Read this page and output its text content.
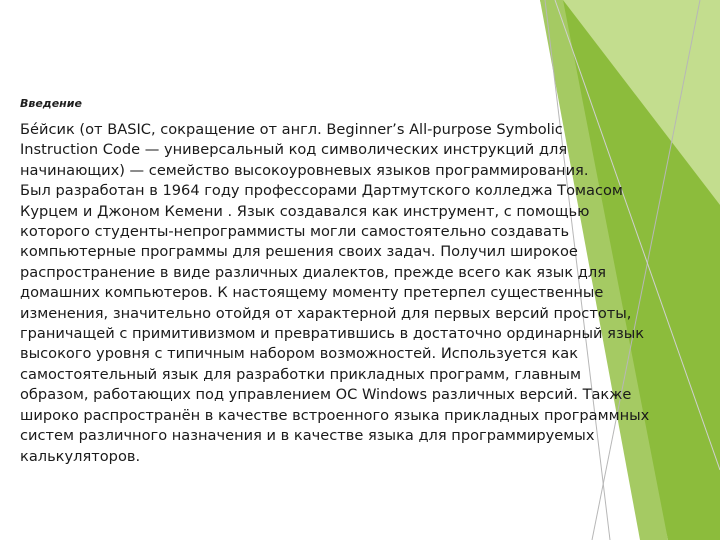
Введение
Бе́йсик (от BASIC, сокращение от англ. Beginner’s All-purpose Symbolic
Instruction Code — универсальный код символических инструкций для
начинающих) — семейство высокоуровневых языков программирования.
Был разработан в 1964 году профессорами Дартмутского колледжа Томасом
Курцем и Джоном Кемени . Язык создавался как инструмент, с помощью
которого студенты-непрограммисты могли самостоятельно создавать
компьютерные программы для решения своих задач. Получил широкое
распространение в виде различных диалектов, прежде всего как язык для
домашних компьютеров. К настоящему моменту претерпел существенные
изменения, значительно отойдя от характерной для первых версий простоты,
граничащей с примитивизмом и превратившись в достаточно ординарный язык
высокого уровня с типичным набором возможностей. Используется как
самостоятельный язык для разработки прикладных программ, главным
образом, работающих под управлением ОС Windows различных версий. Также
широко распространён в качестве встроенного языка прикладных программных
систем различного назначения и в качестве языка для программируемых
калькуляторов.
